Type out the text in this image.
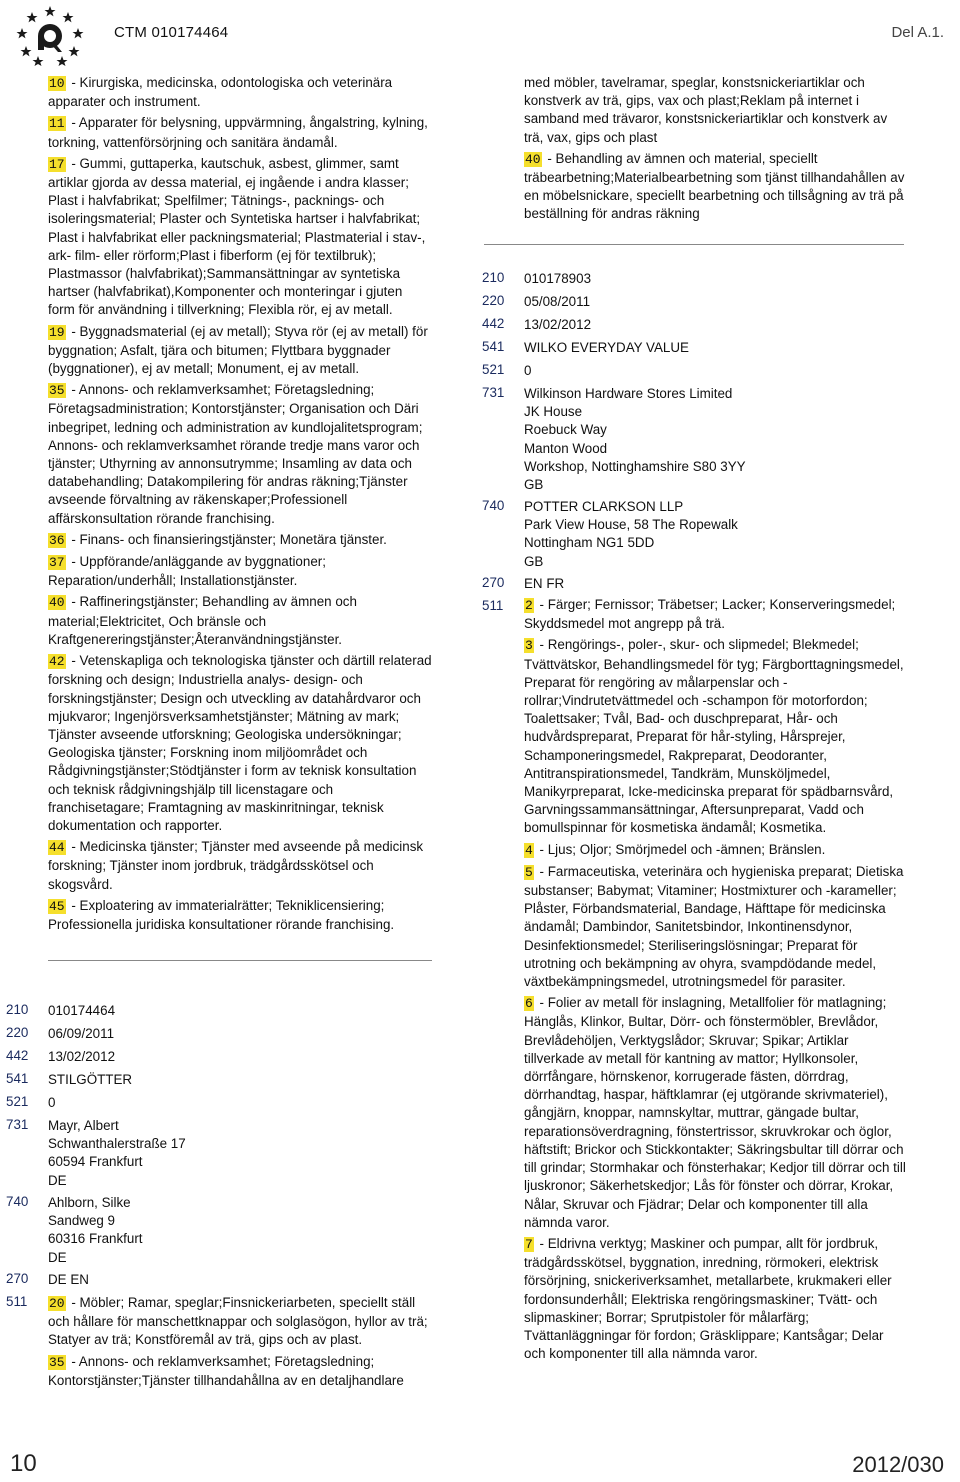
CTM 010174464	Del A.1.

10 - Kirurgiska, medicinska, odontologiska och veterinära apparater och instrument.

11 - Apparater för belysning, uppvärmning, ångalstring, kylning, torkning, vattenförsörjning och sanitära ändamål.

17 - Gummi, guttaperka, kautschuk, asbest, glimmer, samt artiklar gjorda av dessa material, ej ingående i andra klasser; Plast i halvfabrikat; Spelfilmer; Tätnings-, packnings- och isoleringsmaterial; Plaster och Syntetiska hartser i halvfabrikat; Plast i halvfabrikat eller packningsmaterial; Plastmaterial i stav-, ark- film- eller rörform;Plast i fiberform (ej för textilbruk); Plastmassor (halvfabrikat);Sammansättningar av syntetiska hartser (halvfabrikat),Komponenter och monteringar i gjuten form för användning i tillverkning; Flexibla rör, ej av metall.

19 - Byggnadsmaterial (ej av metall); Styva rör (ej av metall) för byggnation; Asfalt, tjära och bitumen; Flyttbara byggnader (byggnationer), ej av metall; Monument, ej av metall.

35 - Annons- och reklamverksamhet; Företagsledning; Företagsadministration; Kontorstjänster; Organisation och Däri inbegripet, ledning och administration av kundlojalitetsprogram; Annons- och reklamverksamhet rörande tredje mans varor och tjänster; Uthyrning av annonsutrymme; Insamling av data och databehandling; Datakompilering för andras räkning;Tjänster avseende förvaltning av räkenskaper;Professionell affärskonsultation rörande franchising.

36 - Finans- och finansieringstjänster; Monetära tjänster.

37 - Uppförande/anläggande av byggnationer; Reparation/underhåll; Installationstjänster.

40 - Raffineringstjänster; Behandling av ämnen och material;Elektricitet, Och bränsle och Kraftgenereringstjänster;Återanvändningstjänster.

42 - Vetenskapliga och teknologiska tjänster och därtill relaterad forskning och design; Industriella analys- design- och forskningstjänster; Design och utveckling av datahårdvaror och mjukvaror; Ingenjörsverksamhetstjänster; Mätning av mark; Tjänster avseende utforskning; Geologiska undersökningar; Geologiska tjänster; Forskning inom miljöområdet och Rådgivningstjänster;Stödtjänster i form av teknisk konsultation och teknisk rådgivningshjälp till licenstagare och franchisetagare; Framtagning av maskinritningar, teknisk dokumentation och rapporter.

44 - Medicinska tjänster; Tjänster med avseende på medicinsk forskning; Tjänster inom jordbruk, trädgårdsskötsel och skogsvård.

45 - Exploatering av immaterialrätter; Tekniklicensiering; Professionella juridiska konsultationer rörande franchising.

210	010174464
220	06/09/2011
442	13/02/2012
541	STILGÖTTER
521	0
731	Mayr, Albert
Schwanthalerstraße 17
60594 Frankfurt
DE
740	Ahlborn, Silke
Sandweg 9
60316 Frankfurt
DE
270	DE EN
511	20 - Möbler; Ramar, speglar;Finsnickeriarbeten, speciellt ställ och hållare för manschettknappar och solglasögon, hyllor av trä; Statyer av trä; Konstföremål av trä, gips och av plast.

35 - Annons- och reklamverksamhet; Företagsledning; Kontorstjänster;Tjänster tillhandahållna av en detaljhandlare

med möbler, tavelramar, speglar, konstsnickeriartiklar och konstverk av trä, gips, vax och plast;Reklam på internet i samband med trävaror, konstsnickeriartiklar och konstverk av trä, vax, gips och plast

40 - Behandling av ämnen och material, speciellt träbearbetning;Materialbearbetning som tjänst tillhandahållen av en möbelsnickare, speciellt bearbetning och tillsågning av trä på beställning för andras räkning

210	010178903
220	05/08/2011
442	13/02/2012
541	WILKO EVERYDAY VALUE
521	0
731	Wilkinson Hardware Stores Limited
JK House
Roebuck Way
Manton Wood
Workshop, Nottinghamshire S80 3YY
GB
740	POTTER CLARKSON LLP
Park View House, 58 The Ropewalk
Nottingham NG1 5DD
GB
270	EN FR
511	2 - Färger; Fernissor; Träbetser; Lacker; Konserveringsmedel; Skyddsmedel mot angrepp på trä.

3 - Rengörings-, poler-, skur- och slipmedel; Blekmedel; Tvättvätskor, Behandlingsmedel för tyg; Färgborttagningsmedel, Preparat för rengöring av målarpenslar och -rollrar;Vindrutetvättmedel och -schampon för motorfordon; Toalettsaker; Tvål, Bad- och duschpreparat, Hår- och hudvårdspreparat, Preparat för hår-styling, Hårsprejer, Schamponeringsmedel, Rakpreparat, Deodoranter, Antitranspirationsmedel, Tandkräm, Munsköljmedel, Manikyrpreparat, Icke-medicinska preparat för spädbarnsvård, Garvningssammansättningar, Aftersunpreparat, Vadd och bomullspinnar för kosmetiska ändamål; Kosmetika.

4 - Ljus; Oljor; Smörjmedel och -ämnen; Bränslen.

5 - Farmaceutiska, veterinära och hygieniska preparat; Dietiska substanser; Babymat; Vitaminer; Hostmixturer och -karameller; Plåster, Förbandsmaterial, Bandage, Häfttape för medicinska ändamål; Dambindor, Sanitetsbindor, Inkontinensdynor, Desinfektionsmedel; Steriliseringslösningar; Preparat för utrotning och bekämpning av ohyra, svampdödande medel, växtbekämpningsmedel, utrotningsmedel för parasiter.

6 - Folier av metall för inslagning, Metallfolier för matlagning; Hänglås, Klinkor, Bultar, Dörr- och fönstermöbler, Brevlådor, Brevlådehöljen, Verktygslådor; Skruvar; Spikar; Artiklar tillverkade av metall för kantning av mattor; Hyllkonsoler, dörrfångare, hörnskenor, korrugerade fästen, dörrdrag, dörrhandtag, haspar, häftklamrar (ej utgörande skrivmateriel), gångjärn, knoppar, namnskyltar, muttrar, gängade bultar, reparationsöverdragning, fönstertrissor, skruvkrokar och öglor, häftstift; Brickor och Stickkontakter; Säkringsbultar till dörrar och till grindar; Stormhakar och fönsterhakar; Kedjor till dörrar och till ljuskronor; Säkerhetskedjor; Lås för fönster och dörrar, Krokar, Nålar, Skruvar och Fjädrar; Delar och komponenter till alla nämnda varor.

7 - Eldrivna verktyg; Maskiner och pumpar, allt för jordbruk, trädgårdsskötsel, byggnation, inredning, rörmokeri, elektrisk försörjning, snickeriverksamhet, metallarbete, krukmakeri eller fordonsunderhåll; Elektriska rengöringsmaskiner; Tvätt- och slipmaskiner; Borrar; Sprutpistoler för målarfärg; Tvättanläggningar för fordon; Gräsklippare; Kantsågar; Delar och komponenter till alla nämnda varor.

10	2012/030
